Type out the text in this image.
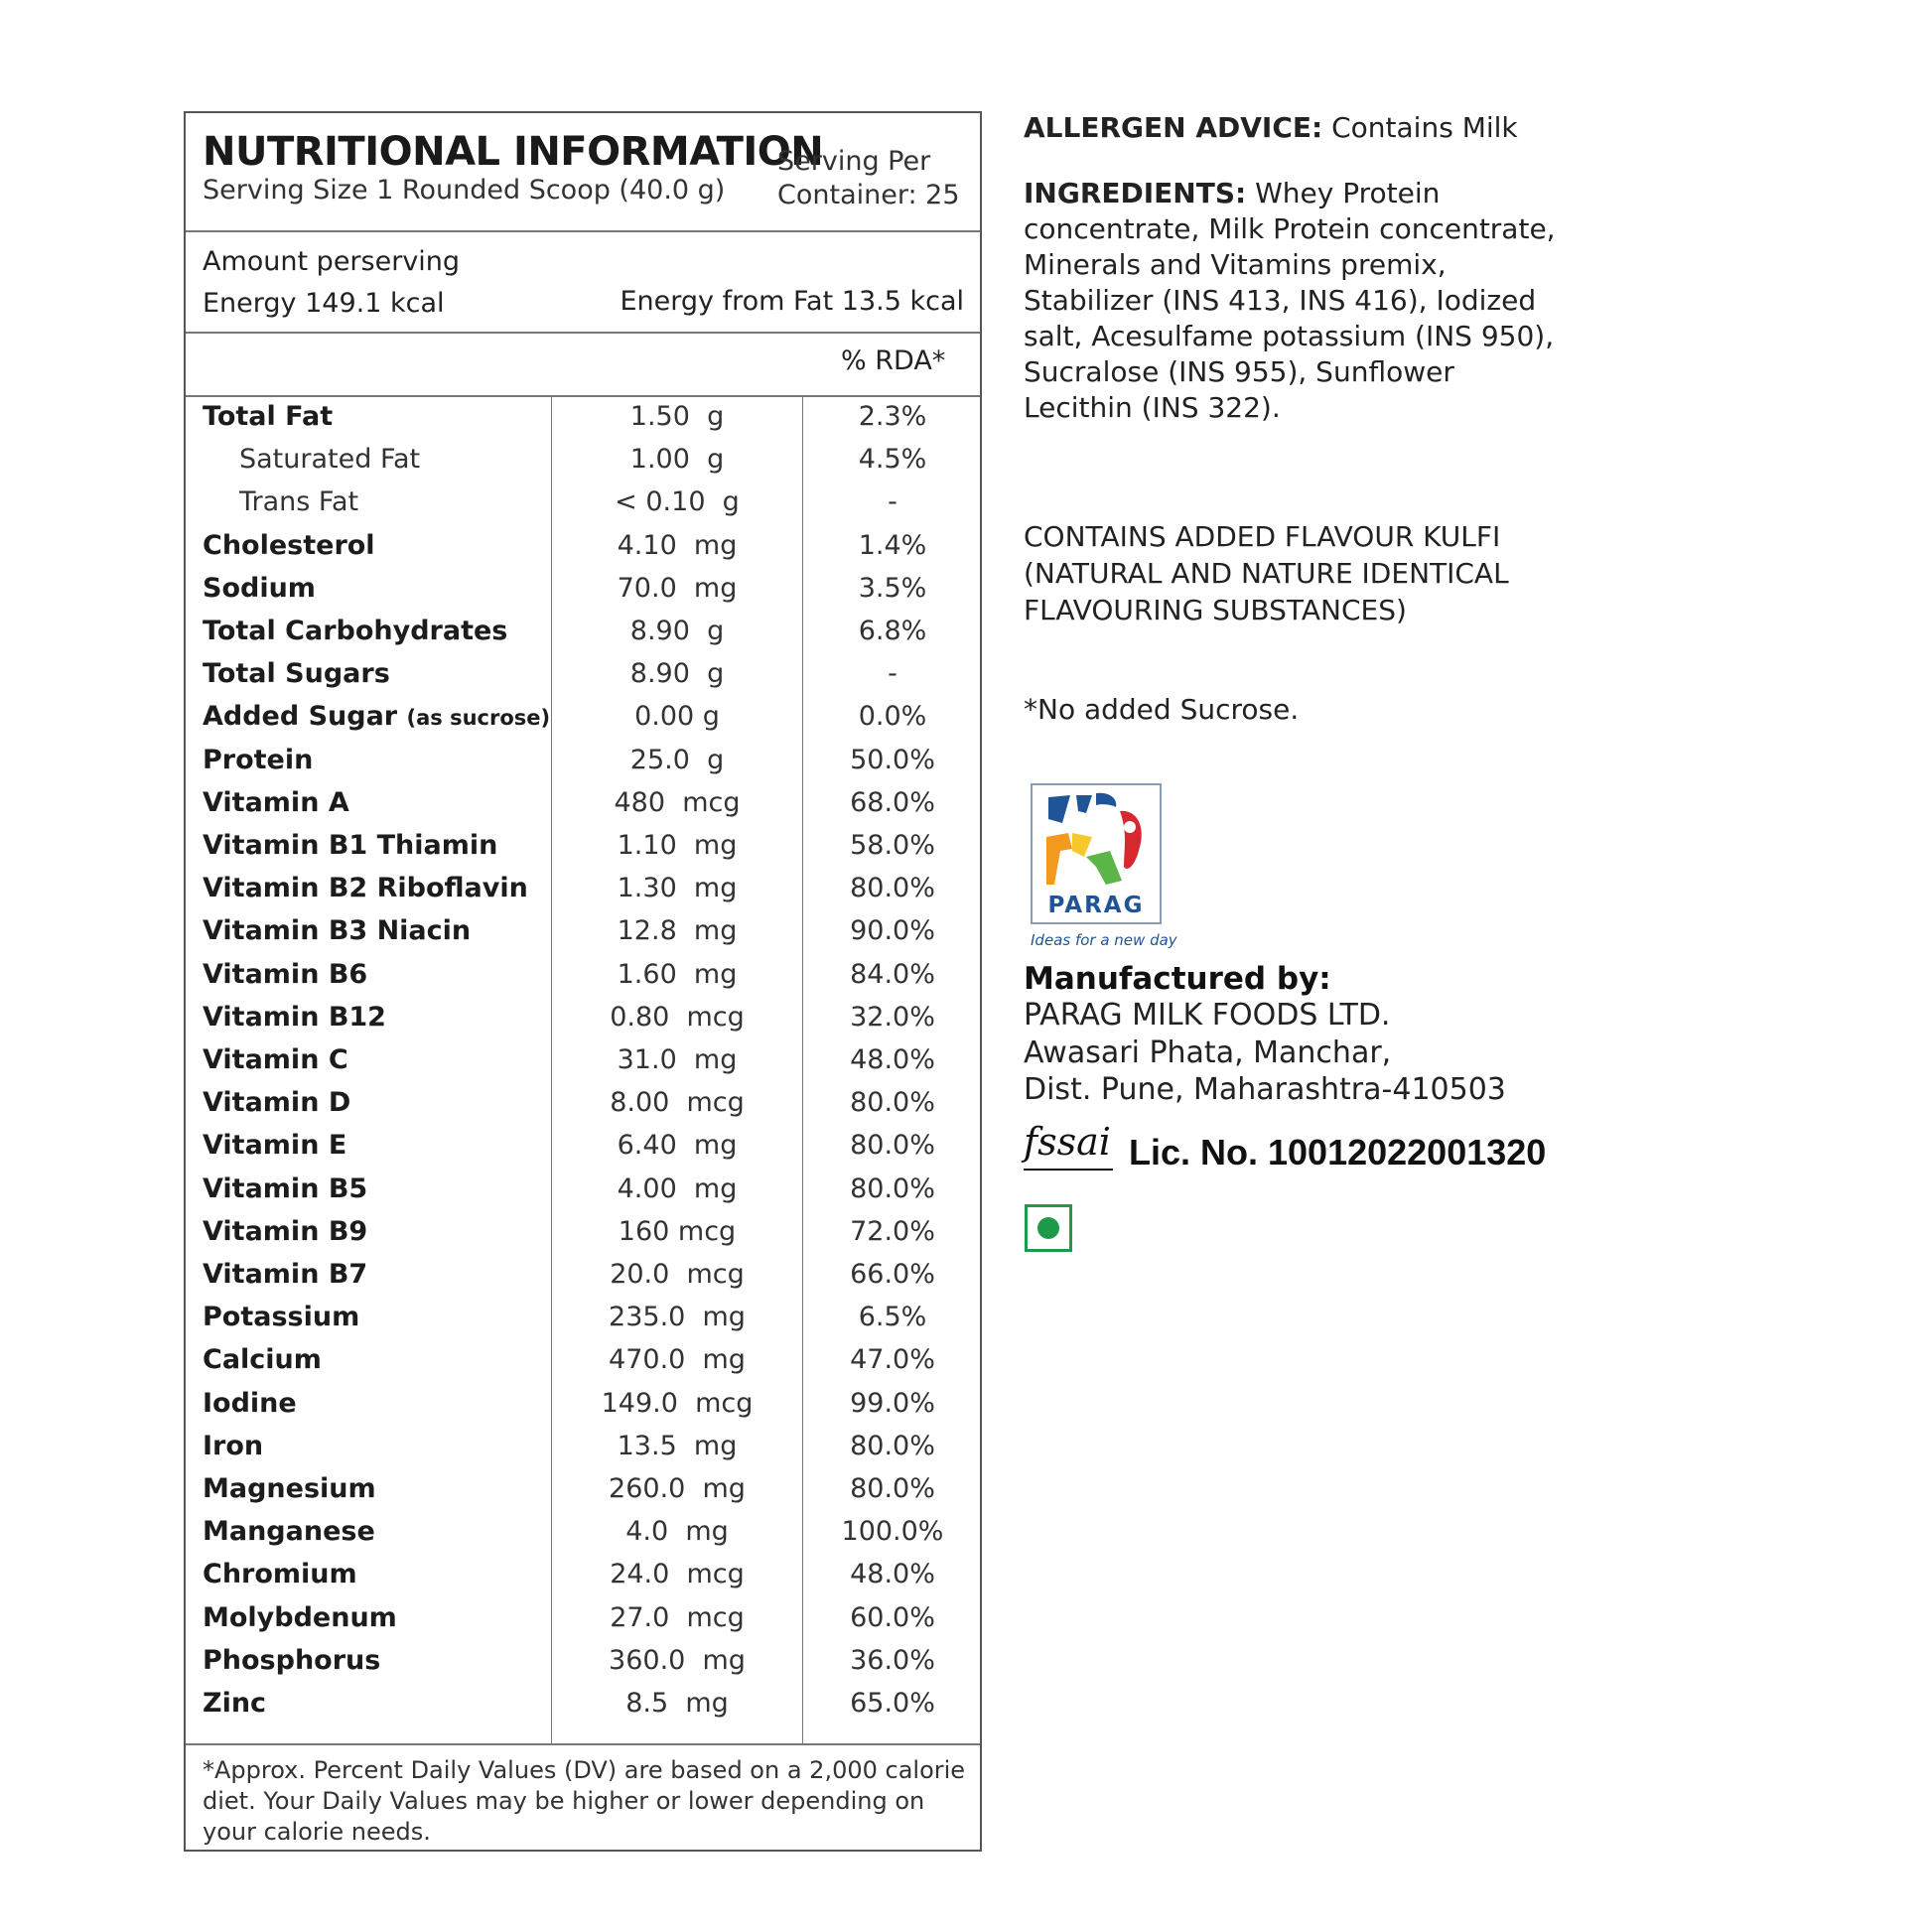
NUTRITIONAL INFORMATION
Serving Size 1 Rounded Scoop (40.0 g)
Serving Per
Container: 25
Amount perserving
Energy 149.1 kcal	Energy from Fat 13.5 kcal
% RDA*
Total Fat	1.50  g	2.3%
Saturated Fat	1.00  g	4.5%
Trans Fat	< 0.10  g	-
Cholesterol	4.10  mg	1.4%
Sodium	70.0  mg	3.5%
Total Carbohydrates	8.90  g	6.8%
Total Sugars	8.90  g	-
Added Sugar (as sucrose)	0.00 g	0.0%
Protein	25.0  g	50.0%
Vitamin A	480  mcg	68.0%
Vitamin B1 Thiamin	1.10  mg	58.0%
Vitamin B2 Riboflavin	1.30  mg	80.0%
Vitamin B3 Niacin	12.8  mg	90.0%
Vitamin B6	1.60  mg	84.0%
Vitamin B12	0.80  mcg	32.0%
Vitamin C	31.0  mg	48.0%
Vitamin D	8.00  mcg	80.0%
Vitamin E	6.40  mg	80.0%
Vitamin B5	4.00  mg	80.0%
Vitamin B9	160 mcg	72.0%
Vitamin B7	20.0  mcg	66.0%
Potassium	235.0  mg	6.5%
Calcium	470.0  mg	47.0%
Iodine	149.0  mcg	99.0%
Iron	13.5  mg	80.0%
Magnesium	260.0  mg	80.0%
Manganese	4.0  mg	100.0%
Chromium	24.0  mcg	48.0%
Molybdenum	27.0  mcg	60.0%
Phosphorus	360.0  mg	36.0%
Zinc	8.5  mg	65.0%
*Approx. Percent Daily Values (DV) are based on a 2,000 calorie diet. Your Daily Values may be higher or lower depending on your calorie needs.
ALLERGEN ADVICE: Contains Milk
INGREDIENTS: Whey Protein concentrate, Milk Protein concentrate, Minerals and Vitamins premix, Stabilizer (INS 413, INS 416), Iodized salt, Acesulfame potassium (INS 950), Sucralose (INS 955), Sunflower Lecithin (INS 322).
CONTAINS ADDED FLAVOUR KULFI (NATURAL AND NATURE IDENTICAL FLAVOURING SUBSTANCES)
*No added Sucrose.
PARAG
Ideas for a new day
Manufactured by:
PARAG MILK FOODS LTD.
Awasari Phata, Manchar,
Dist. Pune, Maharashtra-410503
fssai Lic. No. 10012022001320
